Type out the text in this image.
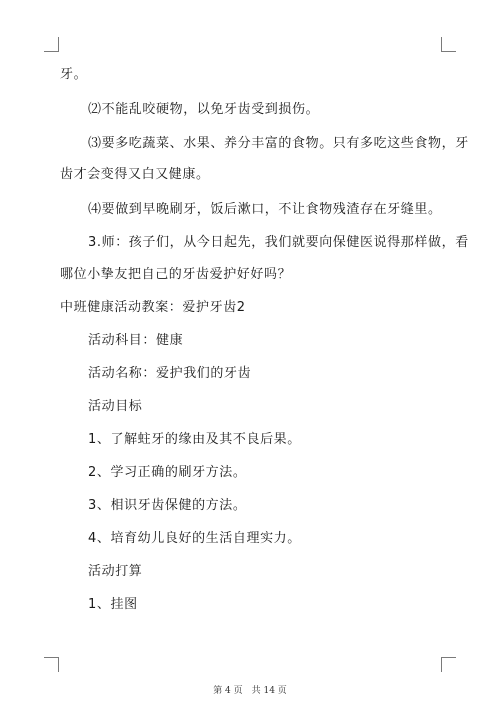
牙。
⑵不能乱咬硬物，以免牙齿受到损伤。
⑶要多吃蔬菜、水果、养分丰富的食物。只有多吃这些食物，牙
齿才会变得又白又健康。
⑷要做到早晚刷牙，饭后漱口，不让食物残渣存在牙缝里。
3.师：孩子们，从今日起先，我们就要向保健医说得那样做，看
哪位小挚友把自己的牙齿爱护好好吗？
中班健康活动教案：爱护牙齿2
活动科目：健康
活动名称：爱护我们的牙齿
活动目标
1、了解蛀牙的缘由及其不良后果。
2、学习正确的刷牙方法。
3、相识牙齿保健的方法。
4、培育幼儿良好的生活自理实力。
活动打算
1、挂图
第 4 页　共 14 页
